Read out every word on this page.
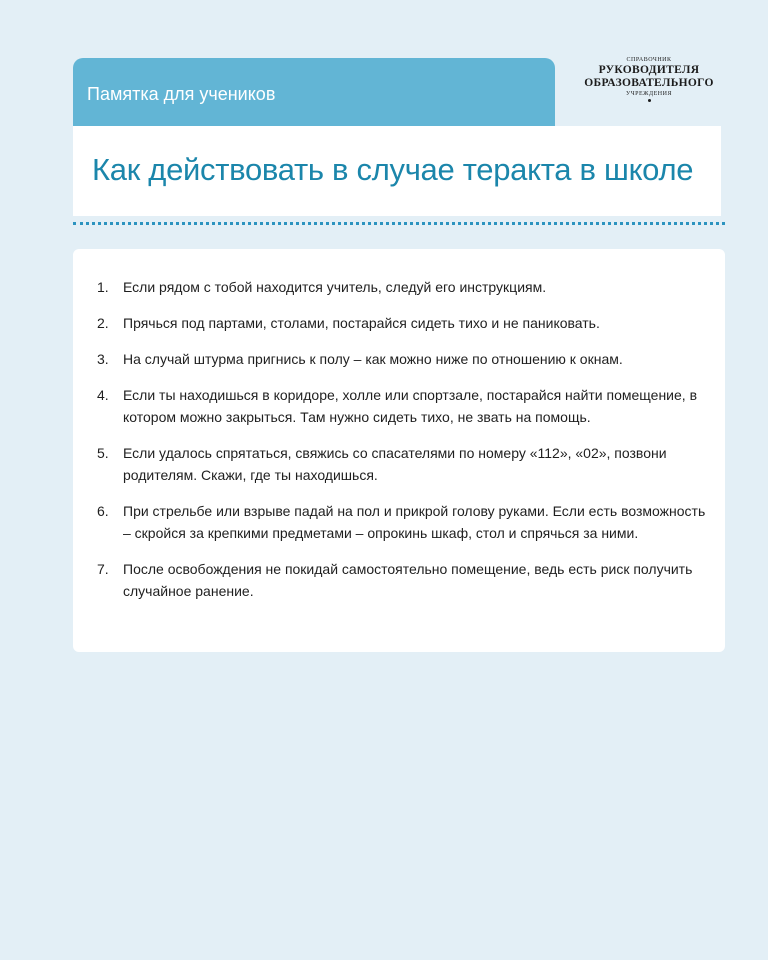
Памятка для учеников
СПРАВОЧНИК
РУКОВОДИТЕЛЯ
ОБРАЗОВАТЕЛЬНОГО
УЧРЕЖДЕНИЯ
Как действовать в случае теракта в школе
1.	Если рядом с тобой находится учитель, следуй его инструкциям.
2.	Прячься под партами, столами, постарайся сидеть тихо и не паниковать.
3.	На случай штурма пригнись к полу – как можно ниже по отношению к окнам.
4.	Если ты находишься в коридоре, холле или спортзале, постарайся найти помещение, в котором можно закрыться. Там нужно сидеть тихо, не звать на помощь.
5.	Если удалось спрятаться, свяжись со спасателями по номеру «112», «02», позвони родителям. Скажи, где ты находишься.
6.	При стрельбе или взрыве падай на пол и прикрой голову руками. Если есть возможность – скройся за крепкими предметами – опрокинь шкаф, стол и спрячься за ними.
7.	После освобождения не покидай самостоятельно помещение, ведь есть риск получить случайное ранение.
